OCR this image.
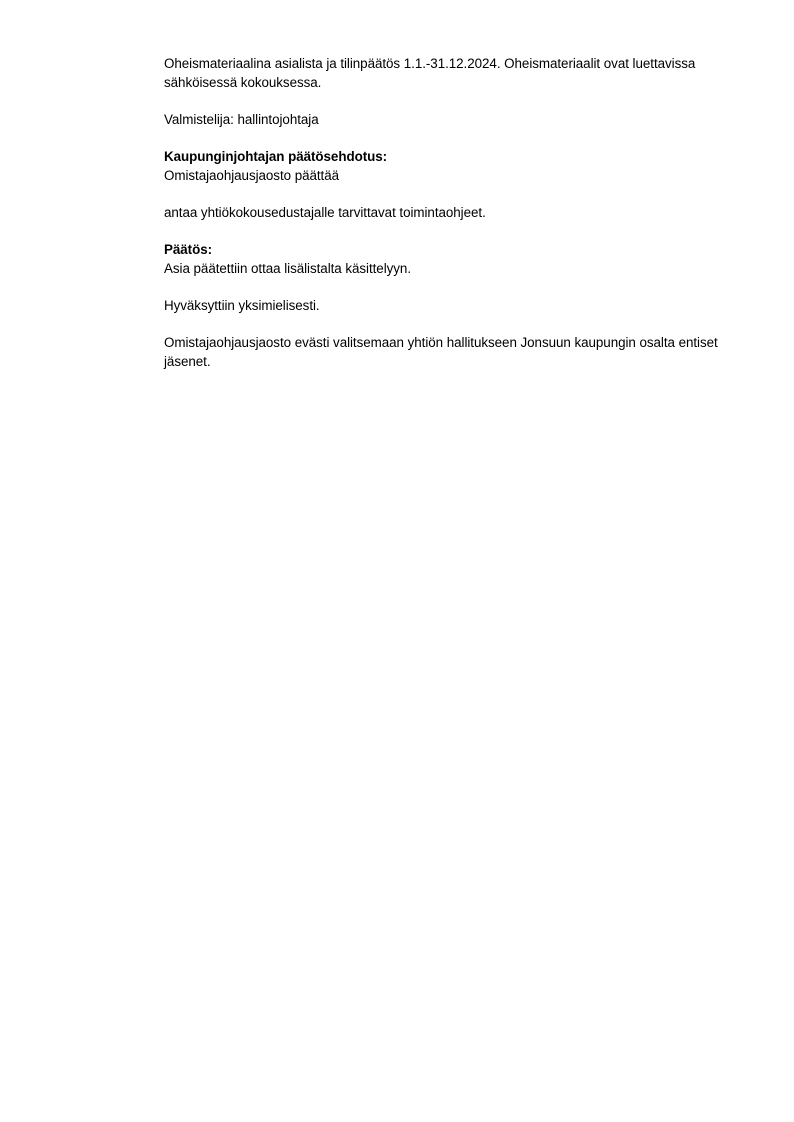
Oheismateriaalina asialista ja tilinpäätös 1.1.-31.12.2024. Oheismateriaalit ovat luettavissa sähköisessä kokouksessa.

Valmistelija: hallintojohtaja

Kaupunginjohtajan päätösehdotus:

Omistajaohjausjaosto päättää

antaa yhtiökokousedustajalle tarvittavat toimintaohjeet.

Päätös:

Asia päätettiin ottaa lisälistalta käsittelyyn.

Hyväksyttiin yksimielisesti.

Omistajaohjausjaosto evästi valitsemaan yhtiön hallitukseen Jonsuun kaupungin osalta entiset jäsenet.
